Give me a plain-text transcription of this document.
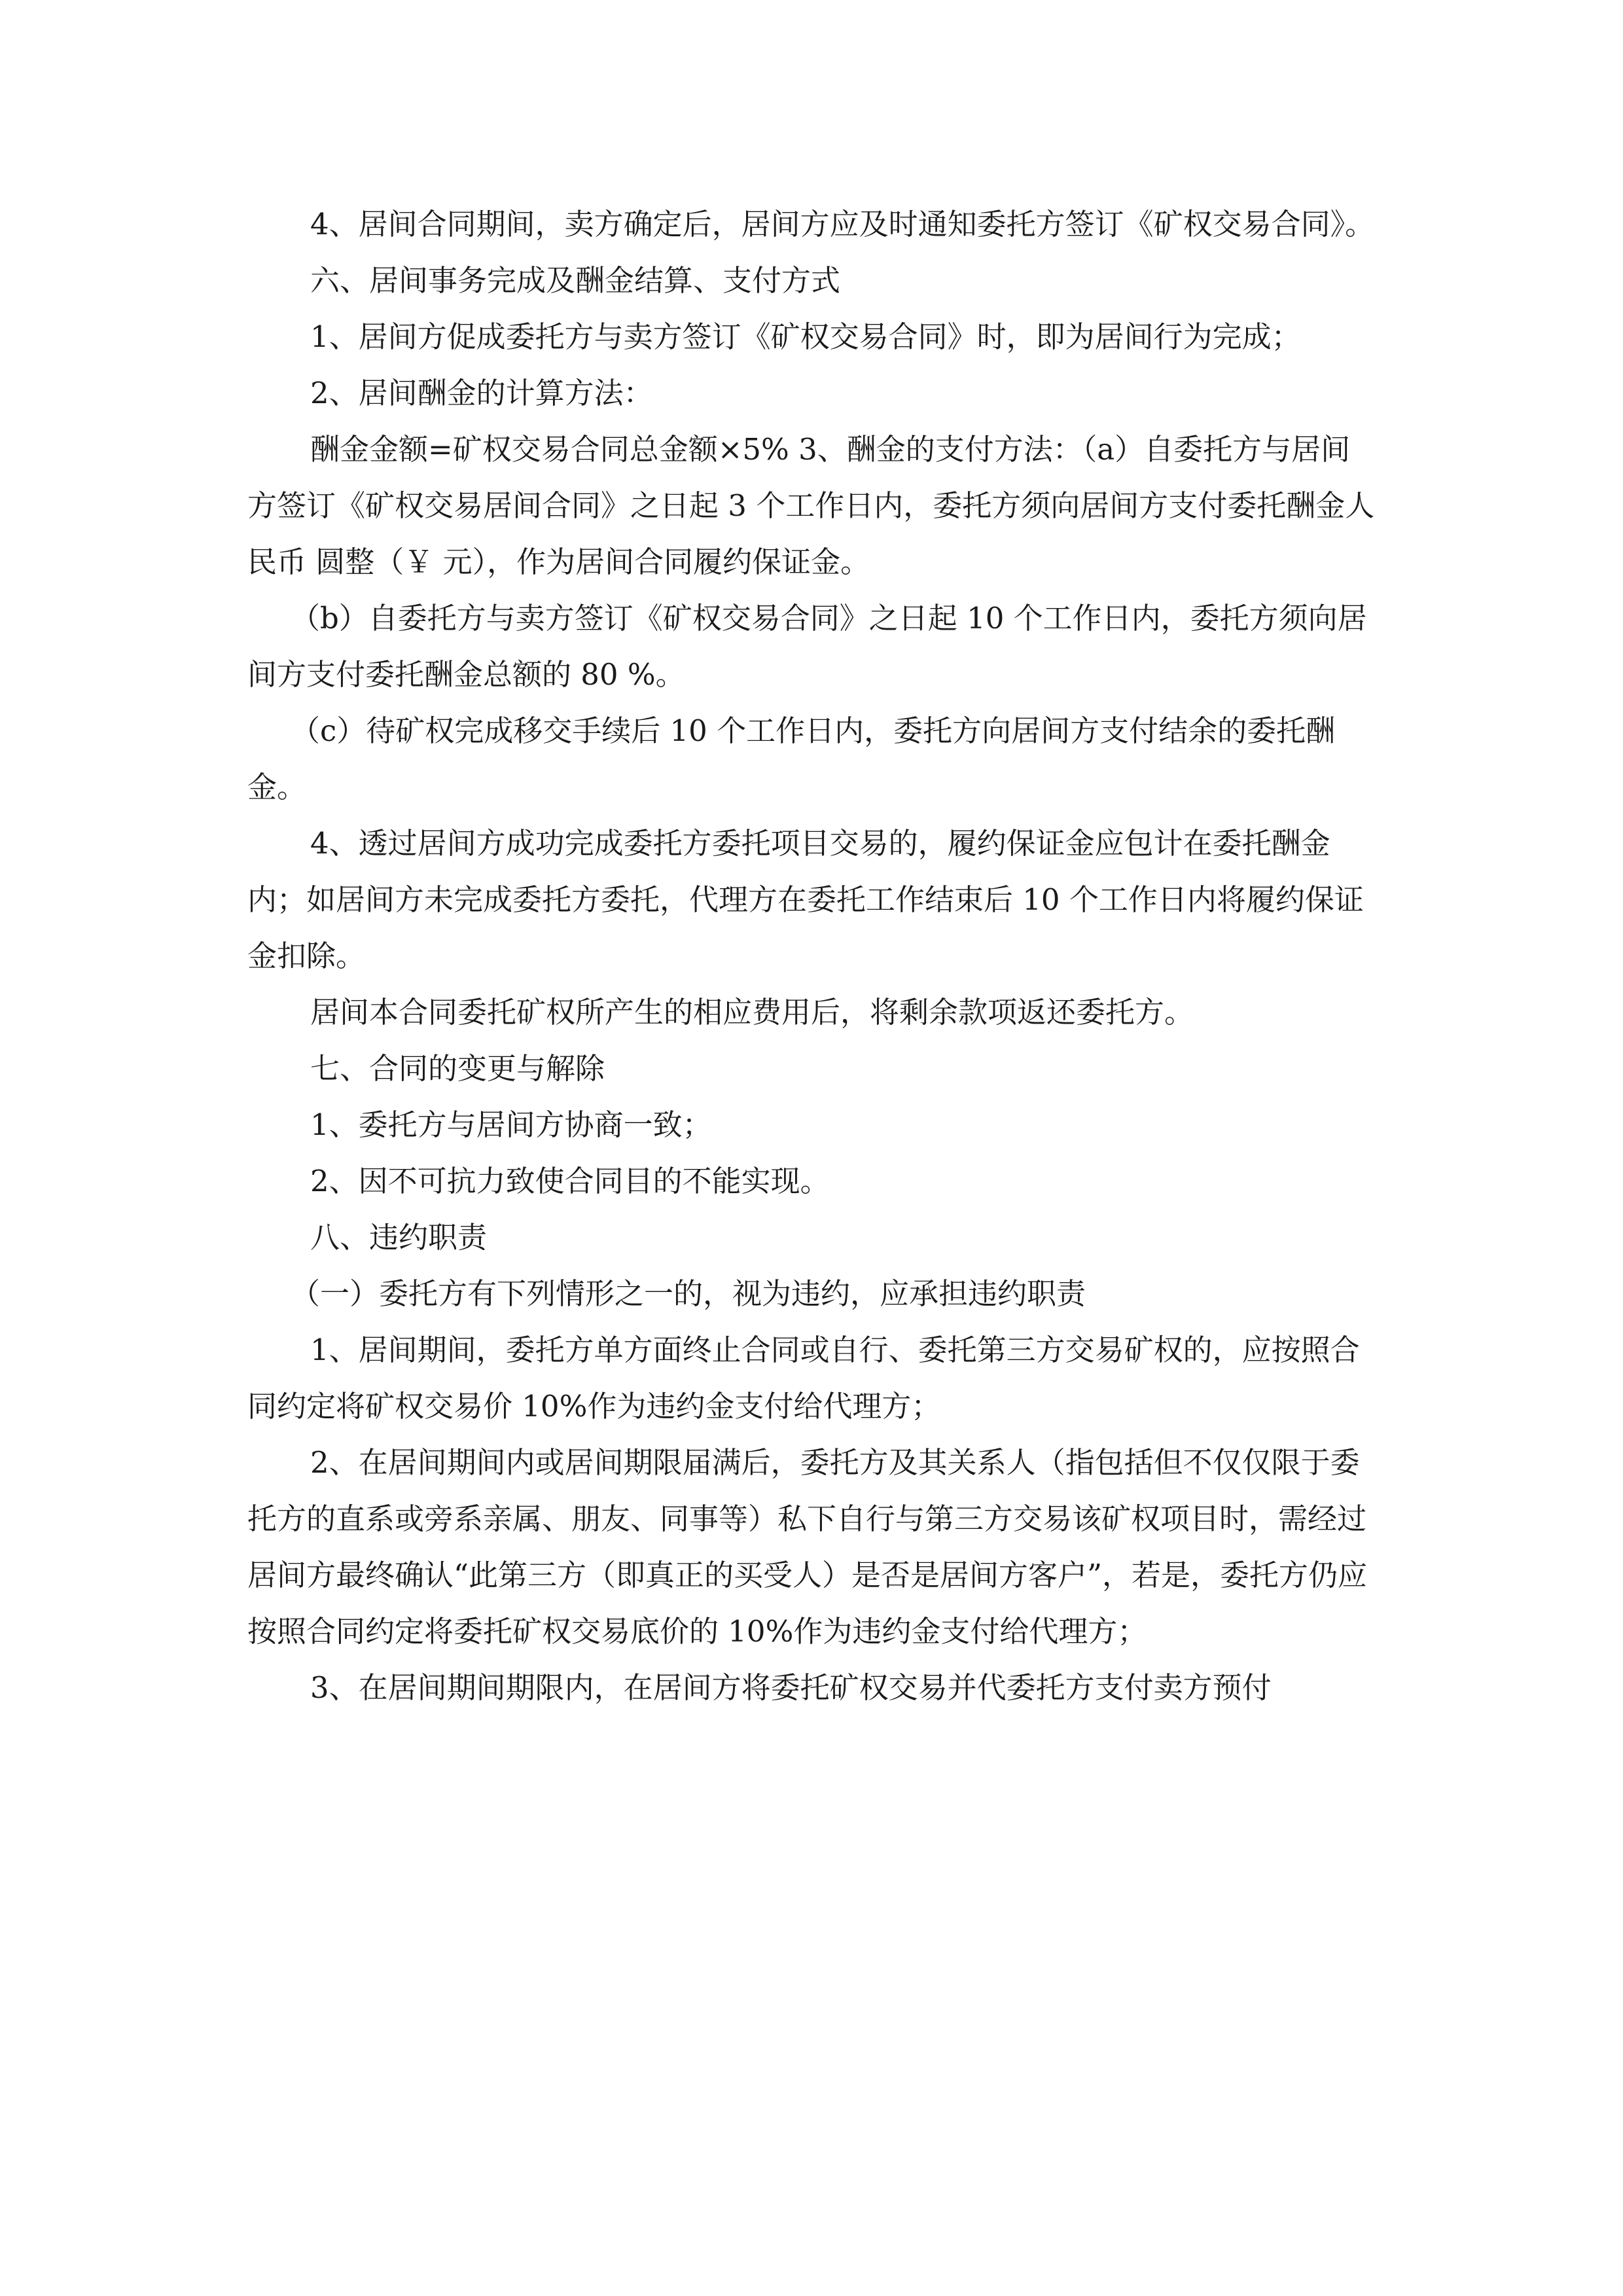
4、居间合同期间，卖方确定后，居间方应及时通知委托方签订《矿权交易合同》。

六、居间事务完成及酬金结算、支付方式

1、居间方促成委托方与卖方签订《矿权交易合同》时，即为居间行为完成；

2、居间酬金的计算方法：

酬金金额=矿权交易合同总金额×5% 3、酬金的支付方法：（a）自委托方与居间方签订《矿权交易居间合同》之日起 3 个工作日内，委托方须向居间方支付委托酬金人民币 圆整（￥ 元），作为居间合同履约保证金。

（b）自委托方与卖方签订《矿权交易合同》之日起 10 个工作日内，委托方须向居间方支付委托酬金总额的 80 %。

（c）待矿权完成移交手续后 10 个工作日内，委托方向居间方支付结余的委托酬金。

4、透过居间方成功完成委托方委托项目交易的，履约保证金应包计在委托酬金内；如居间方未完成委托方委托，代理方在委托工作结束后 10 个工作日内将履约保证金扣除。

居间本合同委托矿权所产生的相应费用后，将剩余款项返还委托方。

七、合同的变更与解除

1、委托方与居间方协商一致；

2、因不可抗力致使合同目的不能实现。

八、违约职责

（一）委托方有下列情形之一的，视为违约，应承担违约职责

1、居间期间，委托方单方面终止合同或自行、委托第三方交易矿权的，应按照合同约定将矿权交易价 10%作为违约金支付给代理方；

2、在居间期间内或居间期限届满后，委托方及其关系人（指包括但不仅仅限于委托方的直系或旁系亲属、朋友、同事等）私下自行与第三方交易该矿权项目时，需经过居间方最终确认“此第三方（即真正的买受人）是否是居间方客户”，若是，委托方仍应按照合同约定将委托矿权交易底价的 10%作为违约金支付给代理方；

3、在居间期间期限内，在居间方将委托矿权交易并代委托方支付卖方预付
